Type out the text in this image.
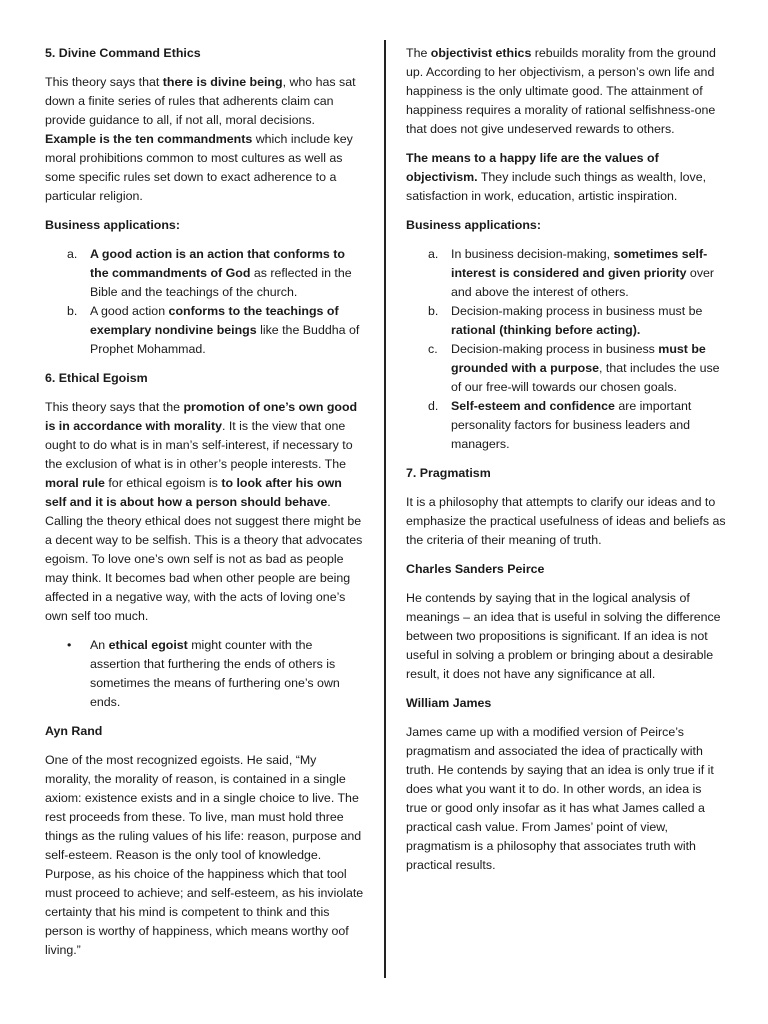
5. Divine Command Ethics

This theory says that there is divine being, who has sat down a finite series of rules that adherents claim can provide guidance to all, if not all, moral decisions. Example is the ten commandments which include key moral prohibitions common to most cultures as well as some specific rules set down to exact adherence to a particular religion.

Business applications:
a. A good action is an action that conforms to the commandments of God as reflected in the Bible and the teachings of the church.
b. A good action conforms to the teachings of exemplary nondivine beings like the Buddha of Prophet Mohammad.
6. Ethical Egoism

This theory says that the promotion of one’s own good is in accordance with morality. It is the view that one ought to do what is in man’s self-interest, if necessary to the exclusion of what is in other’s people interests. The moral rule for ethical egoism is to look after his own self and it is about how a person should behave. Calling the theory ethical does not suggest there might be a decent way to be selfish. This is a theory that advocates egoism. To love one’s own self is not as bad as people may think. It becomes bad when other people are being affected in a negative way, with the acts of loving one’s own self too much.

• An ethical egoist might counter with the assertion that furthering the ends of others is sometimes the means of furthering one’s own ends.
Ayn Rand

One of the most recognized egoists. He said, “My morality, the morality of reason, is contained in a single axiom: existence exists and in a single choice to live. The rest proceeds from these. To live, man must hold three things as the ruling values of his life: reason, purpose and self-esteem. Reason is the only tool of knowledge. Purpose, as his choice of the happiness which that tool must proceed to achieve; and self-esteem, as his inviolate certainty that his mind is competent to think and this person is worthy of happiness, which means worthy oof living.”

The objectivist ethics rebuilds morality from the ground up. According to her objectivism, a person’s own life and happiness is the only ultimate good. The attainment of happiness requires a morality of rational selfishness-one that does not give undeserved rewards to others.

The means to a happy life are the values of objectivism. They include such things as wealth, love, satisfaction in work, education, artistic inspiration.

Business applications:
a. In business decision-making, sometimes self-interest is considered and given priority over and above the interest of others.
b. Decision-making process in business must be rational (thinking before acting).
c. Decision-making process in business must be grounded with a purpose, that includes the use of our free-will towards our chosen goals.
d. Self-esteem and confidence are important personality factors for business leaders and managers.
7. Pragmatism

It is a philosophy that attempts to clarify our ideas and to emphasize the practical usefulness of ideas and beliefs as the criteria of their meaning of truth.

Charles Sanders Peirce

He contends by saying that in the logical analysis of meanings – an idea that is useful in solving the difference between two propositions is significant. If an idea is not useful in solving a problem or bringing about a desirable result, it does not have any significance at all.

William James

James came up with a modified version of Peirce’s pragmatism and associated the idea of practically with truth. He contends by saying that an idea is only true if it does what you want it to do. In other words, an idea is true or good only insofar as it has what James called a practical cash value. From James’ point of view, pragmatism is a philosophy that associates truth with practical results.
